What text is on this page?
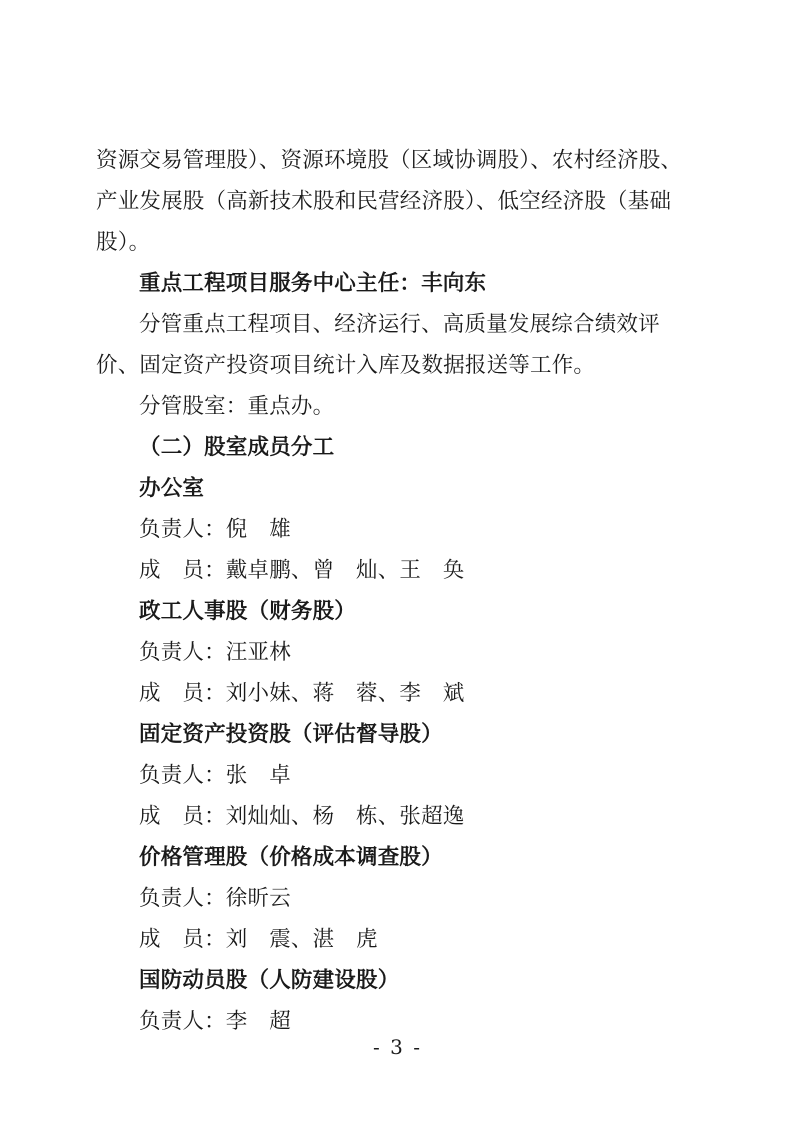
资源交易管理股）、资源环境股（区域协调股）、农村经济股、产业发展股（高新技术股和民营经济股）、低空经济股（基础股）。

重点工程项目服务中心主任：丰向东

分管重点工程项目、经济运行、高质量发展综合绩效评价、固定资产投资项目统计入库及数据报送等工作。

分管股室：重点办。

（二）股室成员分工

办公室

负责人：倪　雄

成　员：戴卓鹏、曾　灿、王　奂

政工人事股（财务股）

负责人：汪亚林

成　员：刘小妹、蒋　蓉、李　斌

固定资产投资股（评估督导股）

负责人：张　卓

成　员：刘灿灿、杨　栋、张超逸

价格管理股（价格成本调查股）

负责人：徐昕云

成　员：刘　震、湛　虎

国防动员股（人防建设股）

负责人：李　超

- 3 -
